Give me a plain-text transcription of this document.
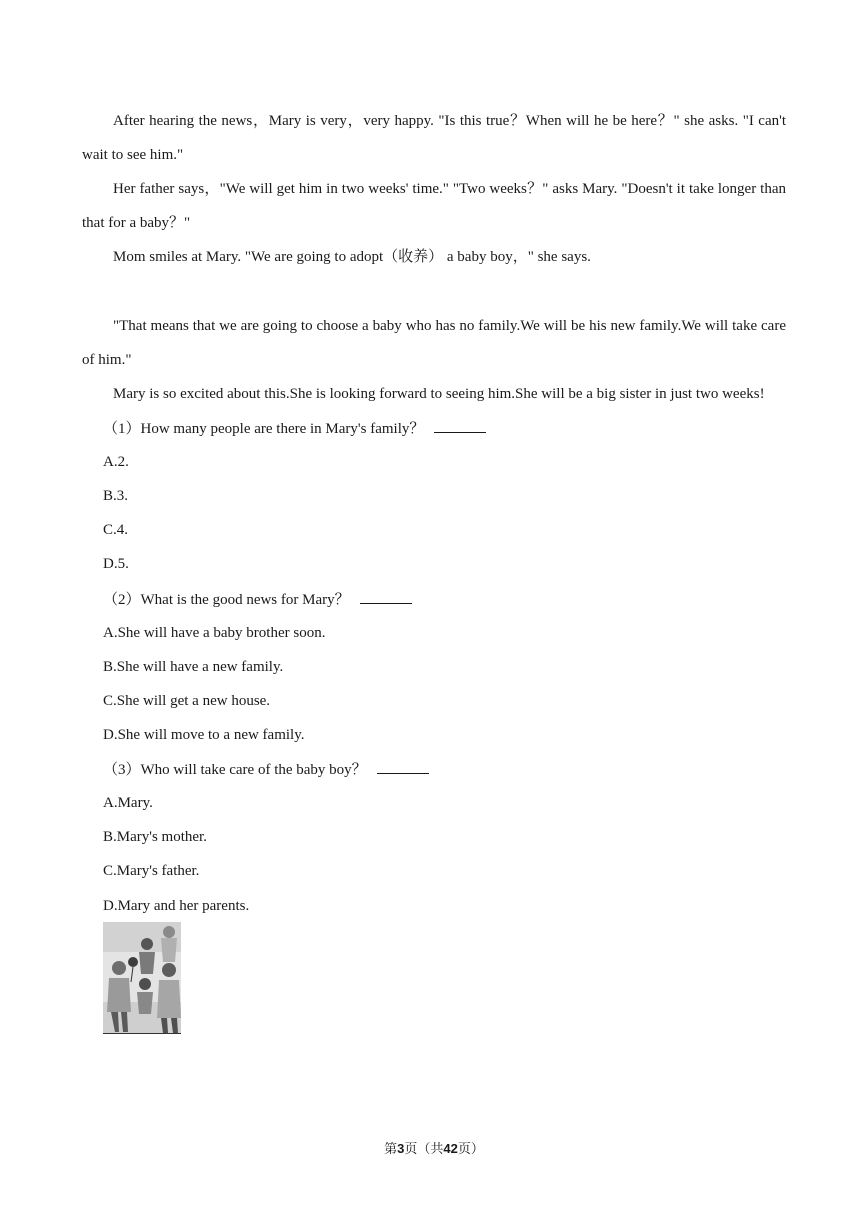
After hearing the news，Mary is very，very happy. "Is this true？When will he be here？" she asks. "I can't wait to see him."

Her father says，"We will get him in two weeks' time." "Two weeks？" asks Mary. "Doesn't it take longer than that for a baby？"

Mom smiles at Mary. "We are going to adopt（收养） a baby boy，" she says.

"That means that we are going to choose a baby who has no family.We will be his new family.We will take care of him."

Mary is so excited about this.She is looking forward to seeing him.She will be a big sister in just two weeks!

（1）How many people are there in Mary's family？
A.2.
B.3.
C.4.
D.5.
（2）What is the good news for Mary？
A.She will have a baby brother soon.
B.She will have a new family.
C.She will get a new house.
D.She will move to a new family.
（3）Who will take care of the baby boy？
A.Mary.
B.Mary's mother.
C.Mary's father.
D.Mary and her parents.
第3页（共42页）
